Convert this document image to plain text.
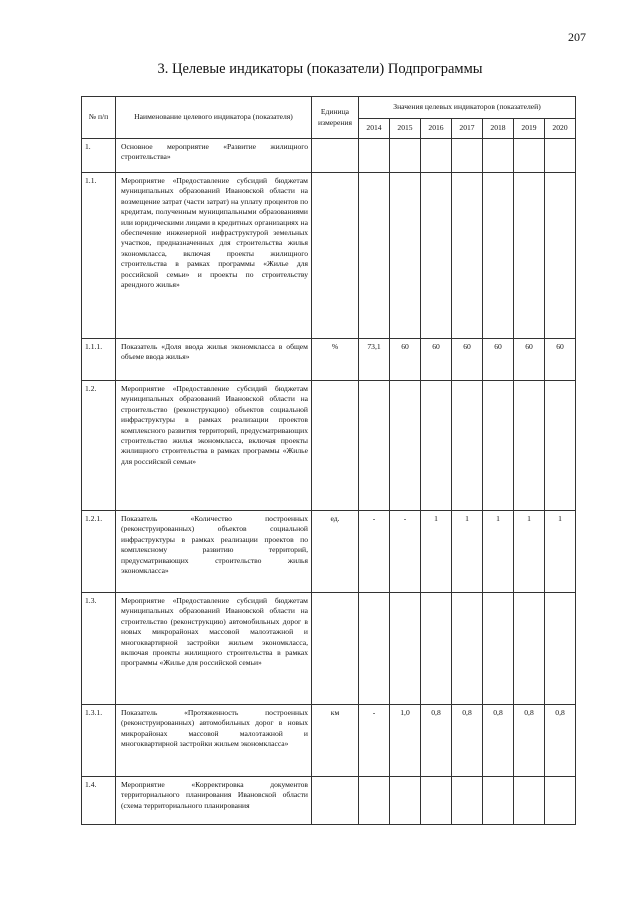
207
3. Целевые индикаторы (показатели) Подпрограммы
№ п/п	Наименование целевого индикатора (показателя)	Единица измерения	Значения целевых индикаторов (показателей)						
			2014	2015	2016	2017	2018	2019	2020
1.	Основное мероприятие «Развитие жилищного строительства»								
1.1.	Мероприятие «Предоставление субсидий бюджетам муниципальных образований Ивановской области на возмещение затрат (части затрат) на уплату процентов по кредитам, полученным муниципальными образованиями или юридическими лицами в кредитных организациях на обеспечение инженерной инфраструктурой земельных участков, предназначенных для строительства жилья экономкласса, включая проекты жилищного строительства в рамках программы «Жилье для российской семьи» и проекты по строительству арендного жилья»								
1.1.1.	Показатель «Доля ввода жилья экономкласса в общем объеме ввода жилья»	%	73,1	60	60	60	60	60	60
1.2.	Мероприятие «Предоставление субсидий бюджетам муниципальных образований Ивановской области на строительство (реконструкцию) объектов социальной инфраструктуры в рамках реализации проектов комплексного развития территорий, предусматривающих строительство жилья экономкласса, включая проекты жилищного строительства в рамках программы «Жилье для российской семьи»								
1.2.1.	Показатель «Количество построенных (реконструированных) объектов социальной инфраструктуры в рамках реализации проектов по комплексному развитию территорий, предусматривающих строительство жилья экономкласса»	ед.	-	-	1	1	1	1	1
1.3.	Мероприятие «Предоставление субсидий бюджетам муниципальных образований Ивановской области на строительство (реконструкцию) автомобильных дорог в новых микрорайонах массовой малоэтажной и многоквартирной застройки жильем экономкласса, включая проекты жилищного строительства в рамках программы «Жилье для российской семьи»								
1.3.1.	Показатель «Протяженность построенных (реконструированных) автомобильных дорог в новых микрорайонах массовой малоэтажной и многоквартирной застройки жильем экономкласса»	км	-	1,0	0,8	0,8	0,8	0,8	0,8
1.4.	Мероприятие «Корректировка документов территориального планирования Ивановской области (схема территориального планирования								
